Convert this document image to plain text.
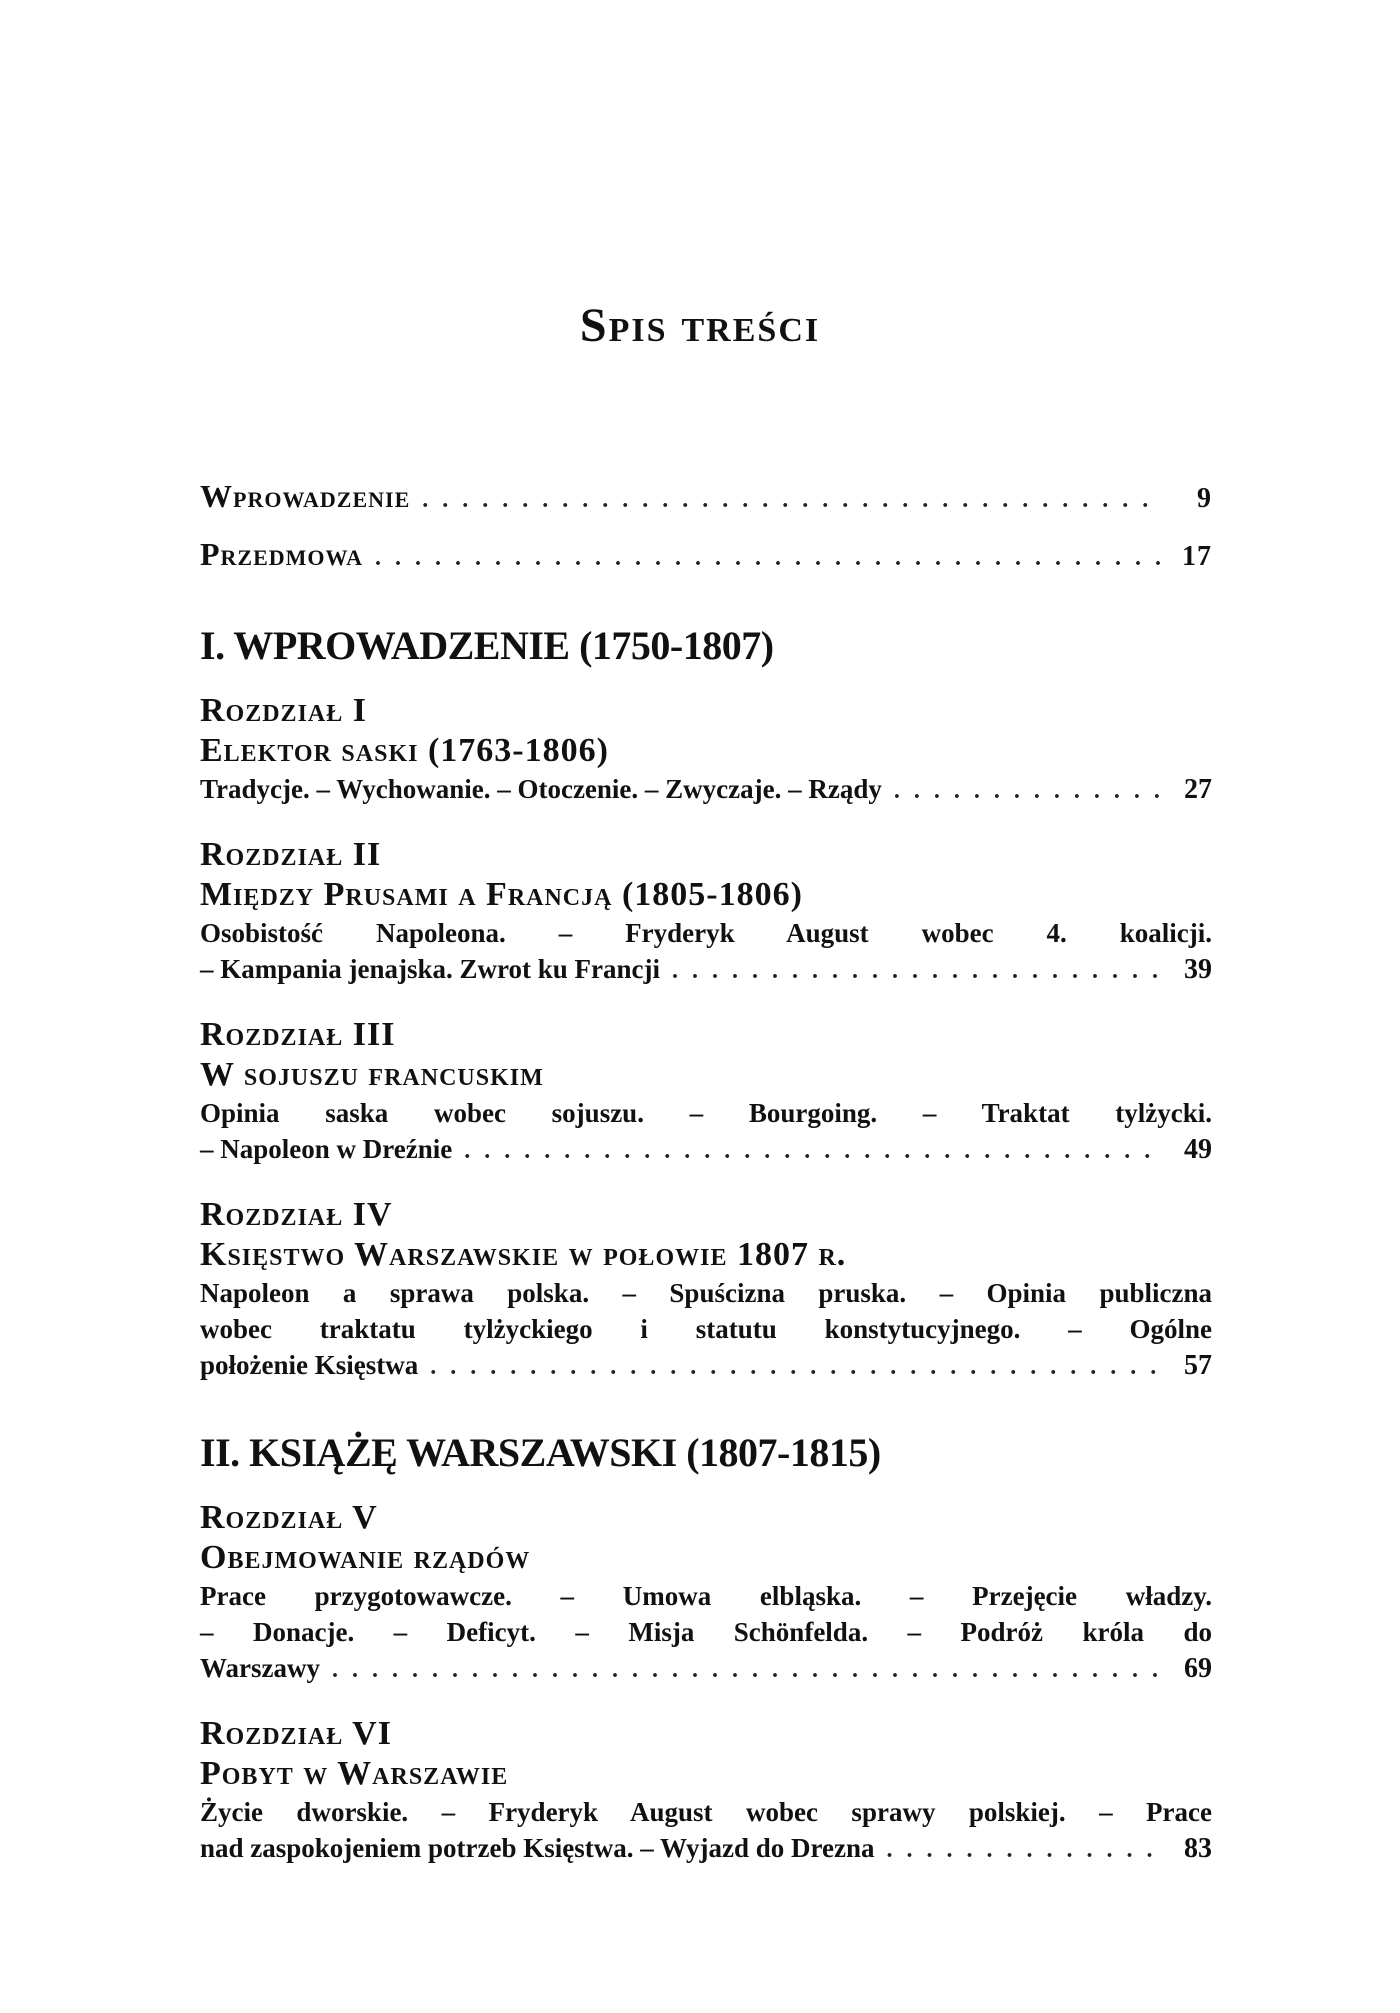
Spis treści
Wprowadzenie . . .	9
Przedmowa . . .	17
I. WPROWADZENIE (1750-1807)
Rozdział I
Elektor saski (1763-1806)
Tradycje. – Wychowanie. – Otoczenie. – Zwyczaje. – Rządy . . .	27
Rozdział II
Między Prusami a Francją (1805-1806)
Osobistość Napoleona. – Fryderyk August wobec 4. koalicji.
– Kampania jenajska. Zwrot ku Francji . . .	39
Rozdział III
W sojuszu francuskim
Opinia saska wobec sojuszu. – Bourgoing. – Traktat tylżycki.
– Napoleon w Dreźnie . . .	49
Rozdział IV
Księstwo Warszawskie w połowie 1807 r.
Napoleon a sprawa polska. – Spuścizna pruska. – Opinia publiczna
wobec traktatu tylżyckiego i statutu konstytucyjnego. – Ogólne
położenie Księstwa . . .	57
II. KSIĄŻĘ WARSZAWSKI (1807-1815)
Rozdział V
Obejmowanie rządów
Prace przygotowawcze. – Umowa elbląska. – Przejęcie władzy.
– Donacje. – Deficyt. – Misja Schönfelda. – Podróż króla do
Warszawy . . .	69
Rozdział VI
Pobyt w Warszawie
Życie dworskie. – Fryderyk August wobec sprawy polskiej. – Prace
nad zaspokojeniem potrzeb Księstwa. – Wyjazd do Drezna . . .	83
